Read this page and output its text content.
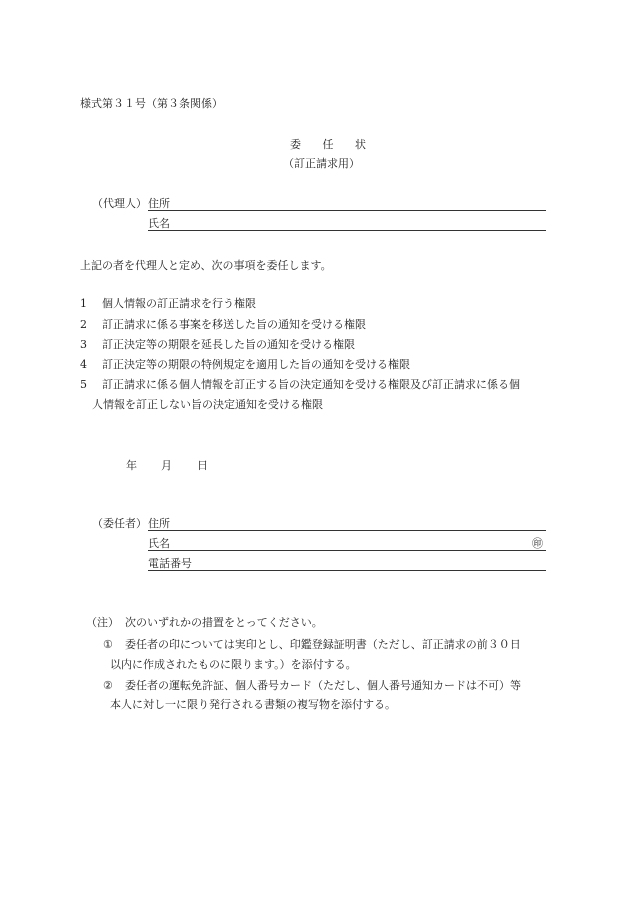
様式第３１号（第３条関係）
委 任 状
（訂正請求用）
（代理人） 住所
氏名
上記の者を代理人と定め、次の事項を委任します。
1 個人情報の訂正請求を行う権限
2 訂正請求に係る事案を移送した旨の通知を受ける権限
3 訂正決定等の期限を延長した旨の通知を受ける権限
4 訂正決定等の期限の特例規定を適用した旨の通知を受ける権限
5 訂正請求に係る個人情報を訂正する旨の決定通知を受ける権限及び訂正請求に係る個
人情報を訂正しない旨の決定通知を受ける権限
年 月 日
（委任者） 住所
氏名	㊞
電話番号
（注） 次のいずれかの措置をとってください。
① 委任者の印については実印とし、印鑑登録証明書（ただし、訂正請求の前３０日
以内に作成されたものに限ります。）を添付する。
② 委任者の運転免許証、個人番号カード（ただし、個人番号通知カードは不可）等
本人に対し一に限り発行される書類の複写物を添付する。
